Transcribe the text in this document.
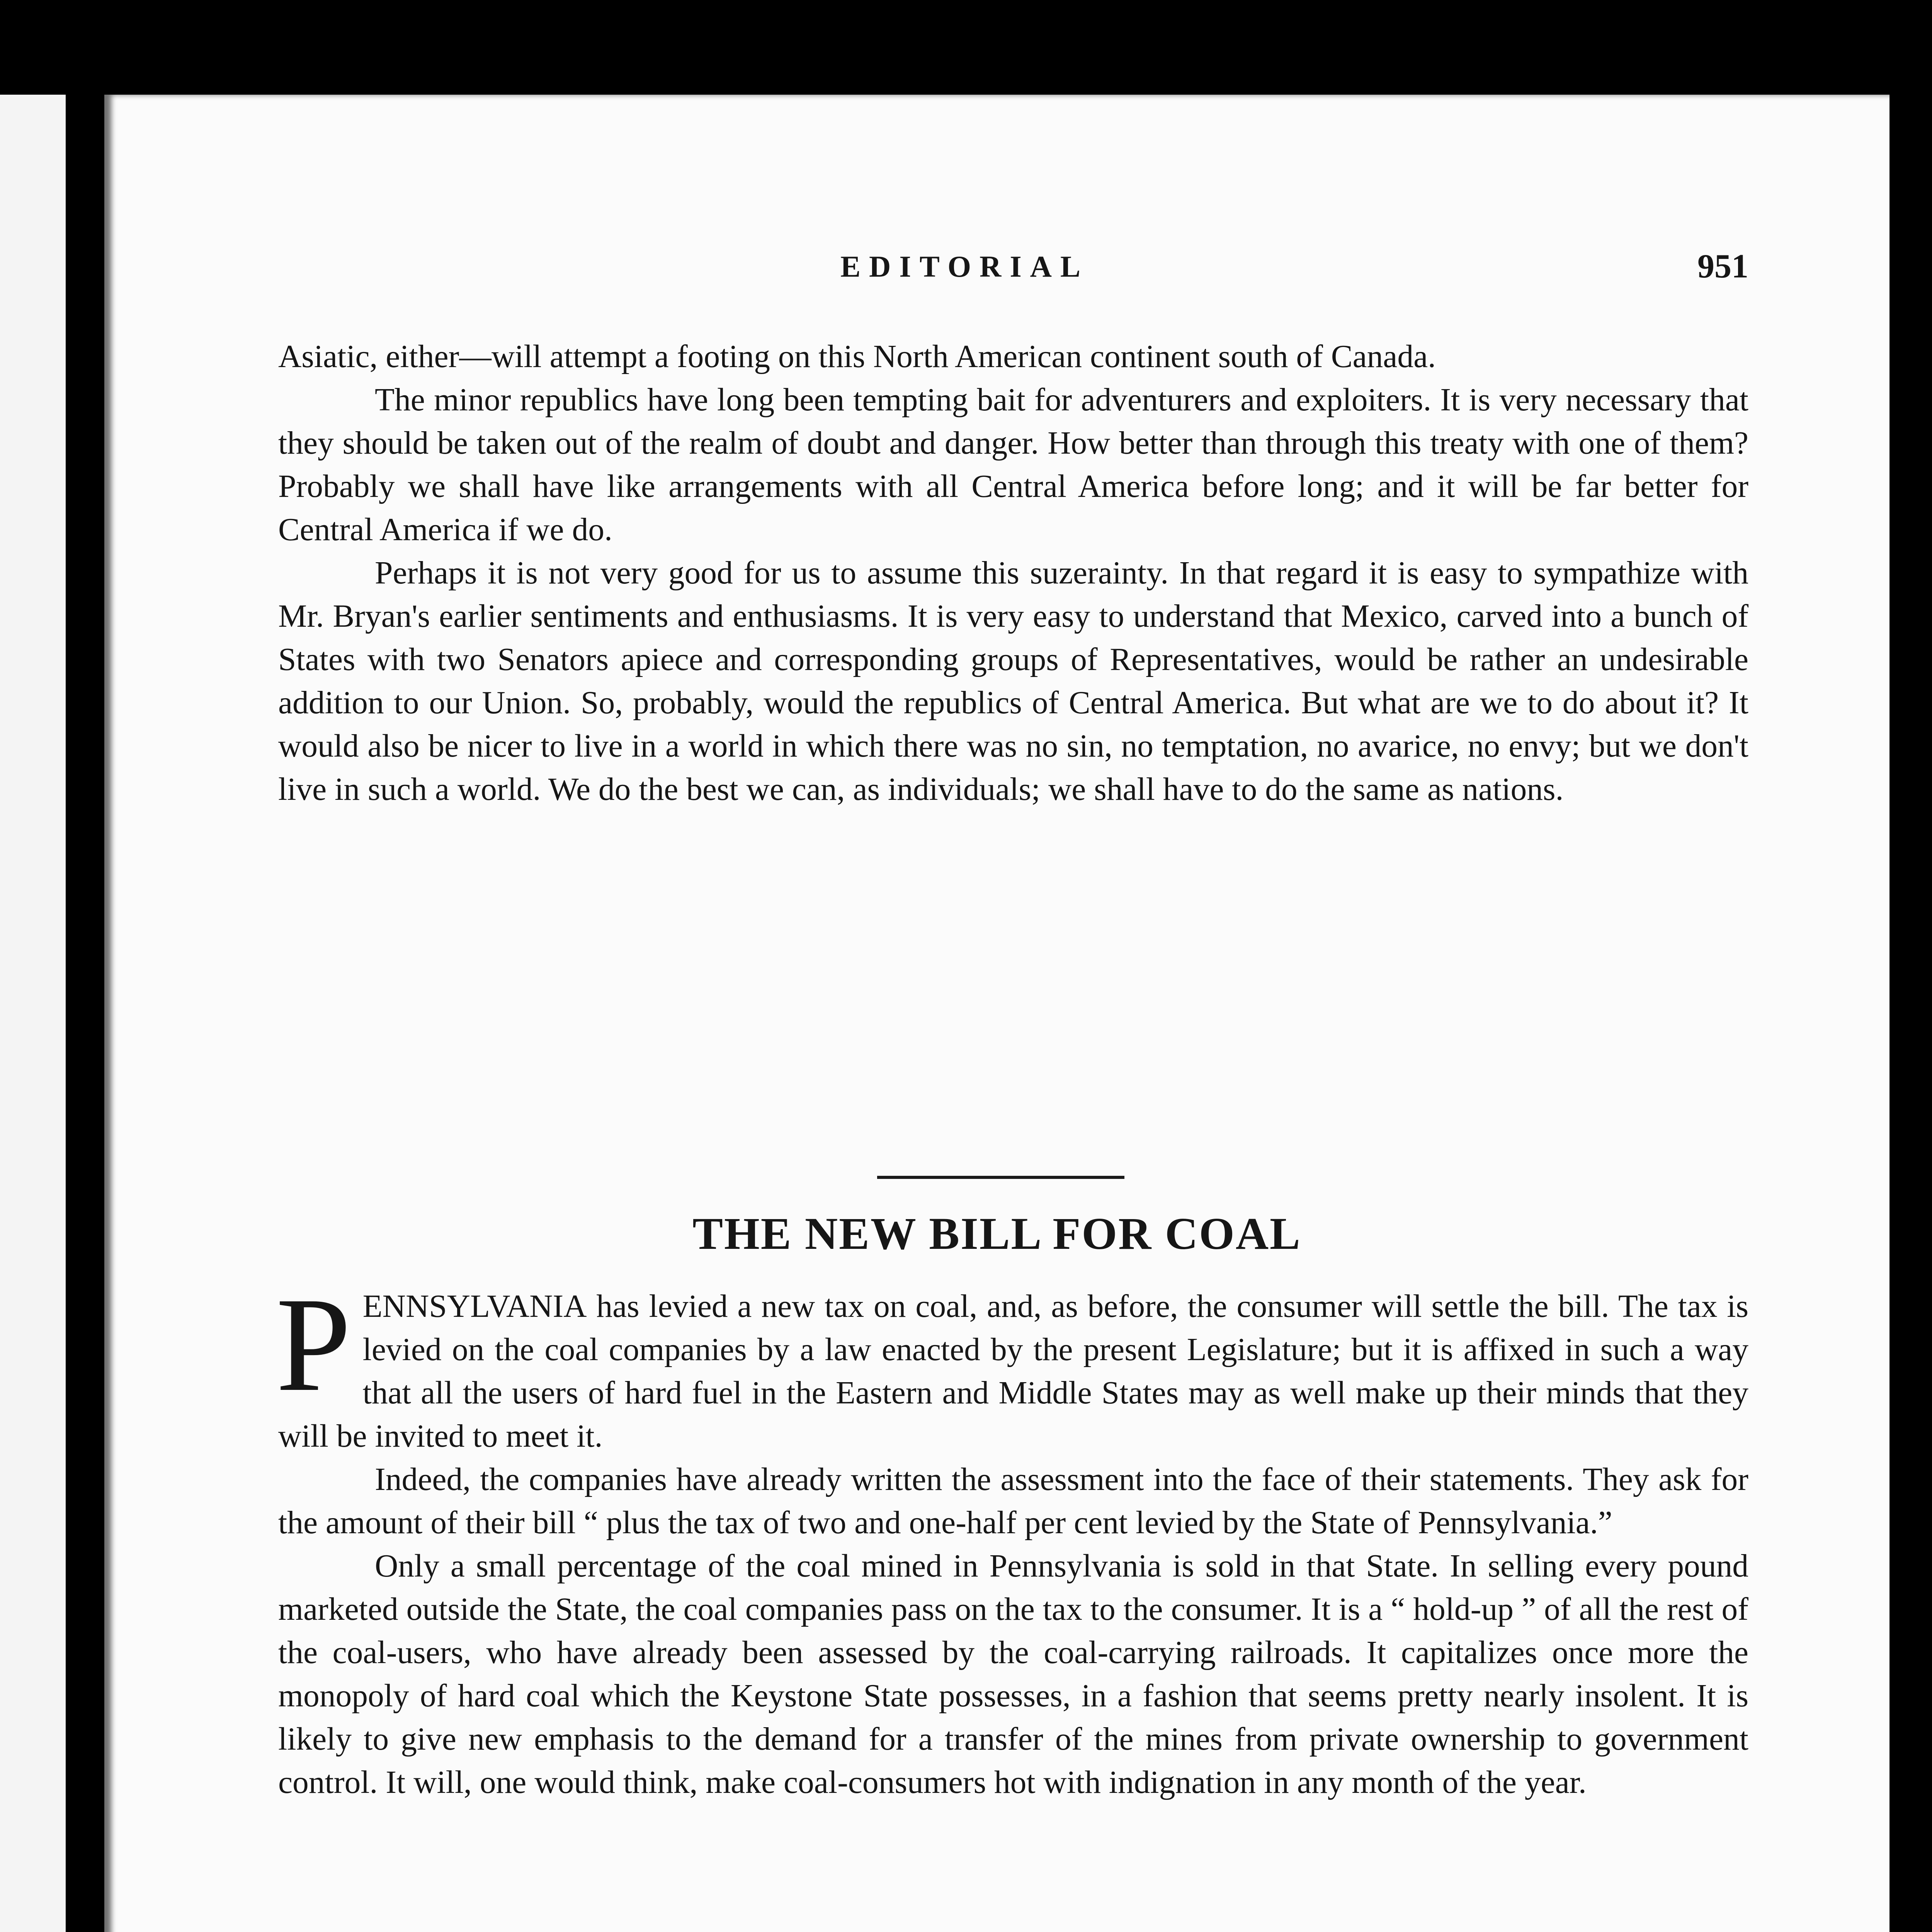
EDITORIAL	951

Asiatic, either—will attempt a footing on this North American continent south of Canada.

The minor republics have long been tempting bait for adventurers and exploiters. It is very necessary that they should be taken out of the realm of doubt and danger. How better than through this treaty with one of them? Probably we shall have like arrangements with all Central America before long; and it will be far better for Central America if we do.

Perhaps it is not very good for us to assume this suzerainty. In that regard it is easy to sympathize with Mr. Bryan's earlier sentiments and enthusiasms. It is very easy to understand that Mexico, carved into a bunch of States with two Senators apiece and corresponding groups of Representatives, would be rather an undesirable addition to our Union. So, probably, would the republics of Central America. But what are we to do about it? It would also be nicer to live in a world in which there was no sin, no temptation, no avarice, no envy; but we don't live in such a world. We do the best we can, as individuals; we shall have to do the same as nations.

THE NEW BILL FOR COAL

PENNSYLVANIA has levied a new tax on coal, and, as before, the consumer will settle the bill. The tax is levied on the coal companies by a law enacted by the present Legislature; but it is affixed in such a way that all the users of hard fuel in the Eastern and Middle States may as well make up their minds that they will be invited to meet it.

Indeed, the companies have already written the assessment into the face of their statements. They ask for the amount of their bill “ plus the tax of two and one-half per cent levied by the State of Pennsylvania.”

Only a small percentage of the coal mined in Pennsylvania is sold in that State. In selling every pound marketed outside the State, the coal companies pass on the tax to the consumer. It is a “ hold-up ” of all the rest of the coal-users, who have already been assessed by the coal-carrying railroads. It capitalizes once more the monopoly of hard coal which the Keystone State possesses, in a fashion that seems pretty nearly insolent. It is likely to give new emphasis to the demand for a transfer of the mines from private ownership to government control. It will, one would think, make coal-consumers hot with indignation in any month of the year.
